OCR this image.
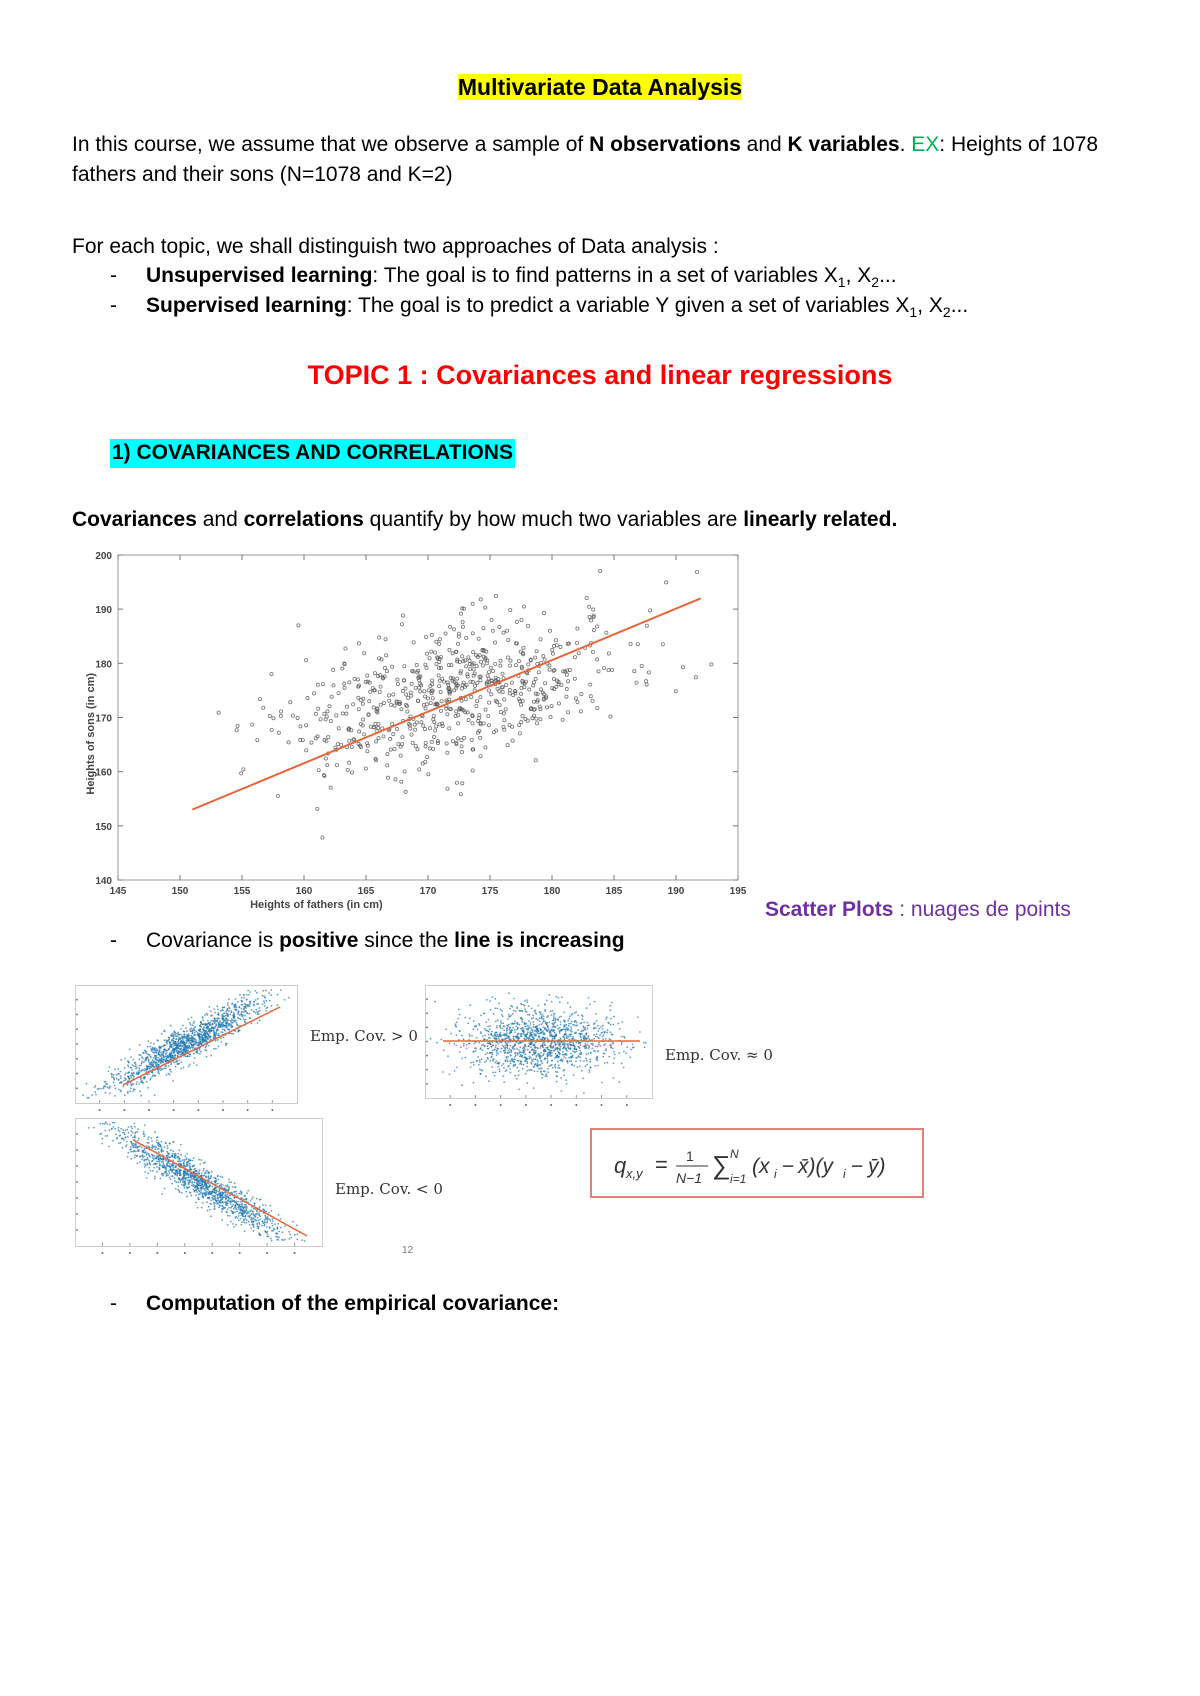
Multivariate Data Analysis
In this course, we assume that we observe a sample of N observations and K variables. EX: Heights of 1078
fathers and their sons (N=1078 and K=2)
For each topic, we shall distinguish two approaches of Data analysis :
- Unsupervised learning: The goal is to find patterns in a set of variables $X_1$, $X_2$...
- Supervised learning: The goal is to predict a variable Y given a set of variables $X_1$, $X_2$...
TOPIC 1 : Covariances and linear regressions
1) COVARIANCES AND CORRELATIONS
Covariances and correlations quantify by how much two variables are linearly related.
145	150	155	160	165	170	175	180	185	190	195
140
150
160
170
180
190
200
Heights of fathers (in cm)
Heights of sons (in cm)
Scatter Plots : nuages de points
- Covariance is positive since the line is increasing
Emp. Cov. > 0
Emp. Cov. ≈ 0
Emp. Cov. < 0
12
q x,y = 1
N−1 ∑ N
i=1
(x i − x̄)(y i − ȳ)
- Computation of the empirical covariance:
